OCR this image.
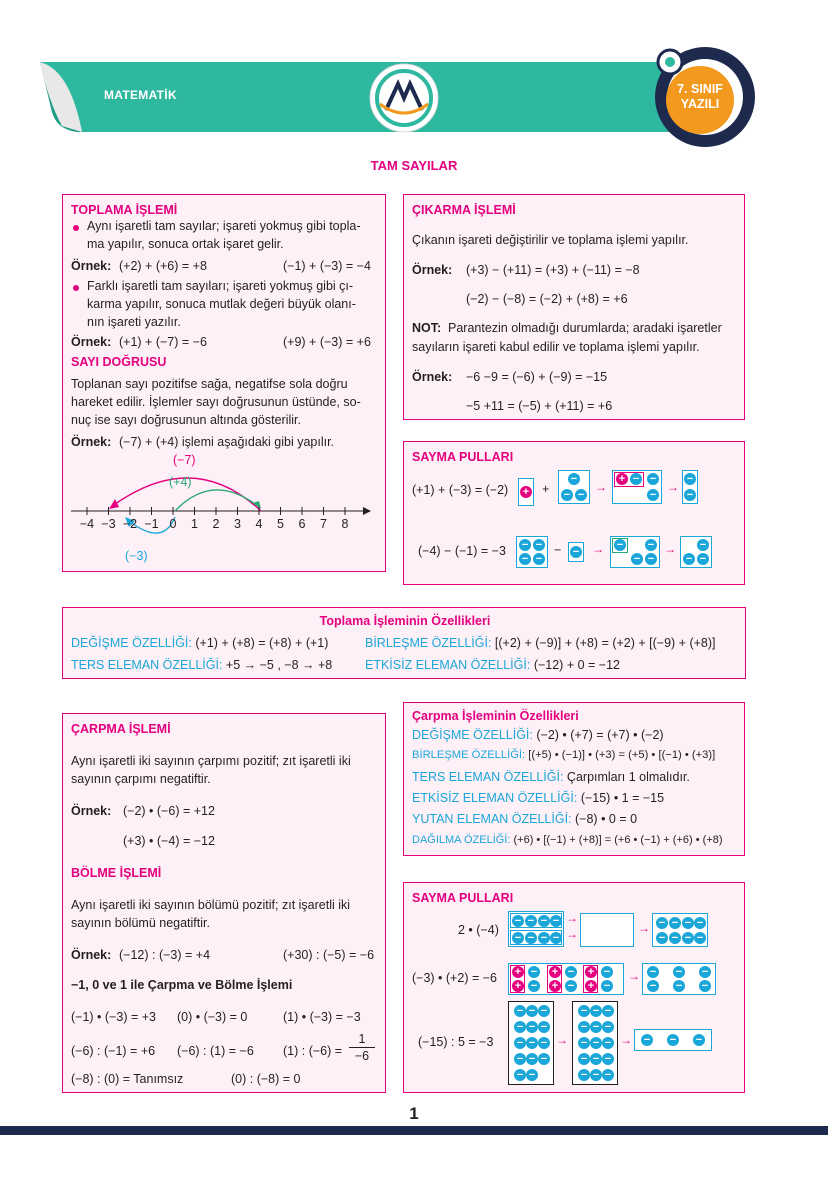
MATEMATİK	7. SINIF
YAZILI
TAM SAYILAR
TOPLAMA İŞLEMİ
Aynı işaretli tam sayılar; işareti yokmuş gibi topla-
ma yapılır, sonuca ortak işaret gelir.
Örnek: (+2) + (+6) = +8	(−1) + (−3) = −4
Farklı işaretli tam sayıları; işareti yokmuş gibi çı-
karma yapılır, sonuca mutlak değeri büyük olanı-
nın işareti yazılır.
Örnek: (+1) + (−7) = −6	(+9) + (−3) = +6
SAYI DOĞRUSU
Toplanan sayı pozitifse sağa, negatifse sola doğru
hareket edilir. İşlemler sayı doğrusunun üstünde, so-
nuç ise sayı doğrusunun altında gösterilir.
Örnek: (−7) + (+4) işlemi aşağıdaki gibi yapılır.
(−7)
(+4)
(−3)
−4 −3 −2 −1 0	1	2	3	4	5	6	7	8
ÇIKARMA İŞLEMİ
Çıkanın işareti değiştirilir ve toplama işlemi yapılır.
Örnek: (+3) − (+11) = (+3) + (−11) = −8
(−2) − (−8) = (−2) + (+8) = +6
NOT: Parantezin olmadığı durumlarda; aradaki işaretler
sayıların işareti kabul edilir ve toplama işlemi yapılır.
Örnek: −6 −9 = (−6) + (−9) = −15
−5 +11 = (−5) + (+11) = +6
SAYMA PULLARI
(+1) + (−3) = (−2) + +
−
− −
→
+ − −
−
→
−
−
(−4) − (−1) = −3 − −
− −
− − → − −
− −
→ −
− −
Toplama İşleminin Özellikleri
DEĞİŞME ÖZELLİĞİ: (+1) + (+8) = (+8) + (+1)	BİRLEŞME ÖZELLİĞİ: [(+2) + (−9)] + (+8) = (+2) + [(−9) + (+8)]
TERS ELEMAN ÖZELLİĞİ: +5 → −5 , −8 → +8	ETKİSİZ ELEMAN ÖZELLİĞİ: (−12) + 0 = −12
ÇARPMA İŞLEMİ
Aynı işaretli iki sayının çarpımı pozitif; zıt işaretli iki
sayının çarpımı negatiftir.
Örnek: (−2) • (−6) = +12
(+3) • (−4) = −12
BÖLME İŞLEMİ
Aynı işaretli iki sayının bölümü pozitif; zıt işaretli iki
sayının bölümü negatiftir.
Örnek: (−12) : (−3) = +4	(+30) : (−5) = −6
−1, 0 ve 1 ile Çarpma ve Bölme İşlemi
(−1) • (−3) = +3 (0) • (−3) = 0	(1) • (−3) = −3
(−6) : (−1) = +6 (−6) : (1) = −6 (1) : (−6) =
1
−6
(−8) : (0) = Tanımsız	(0) : (−8) = 0
Çarpma İşleminin Özellikleri
DEĞİŞME ÖZELLİĞİ: (−2) • (+7) = (+7) • (−2)
BİRLEŞME ÖZELLİĞİ: [(+5) • (−1)] • (+3) = (+5) • [(−1) • (+3)]
TERS ELEMAN ÖZELLİĞİ: Çarpımları 1 olmalıdır.
ETKİSİZ ELEMAN ÖZELLİĞİ: (−15) • 1 = −15
YUTAN ELEMAN ÖZELLİĞİ: (−8) • 0 = 0
DAĞILMA ÖZELİĞİ: (+6) • [(−1) + (+8)] = (+6 • (−1) + (+6) • (+8)
SAYMA PULLARI
2 • (−4)
− − − −
− − − −
→
→	→ − − − −
− − − −
(−3) • (+2) = −6 +
+
−
−
+
+
−
−
+
+
−
−
→ − − −
− − −
(−15) : 5 = −3
− − −
− − −
− − −
− − −
− −
→
− − −
− − −
− − −
− − −
− − −
→ − − −
1
